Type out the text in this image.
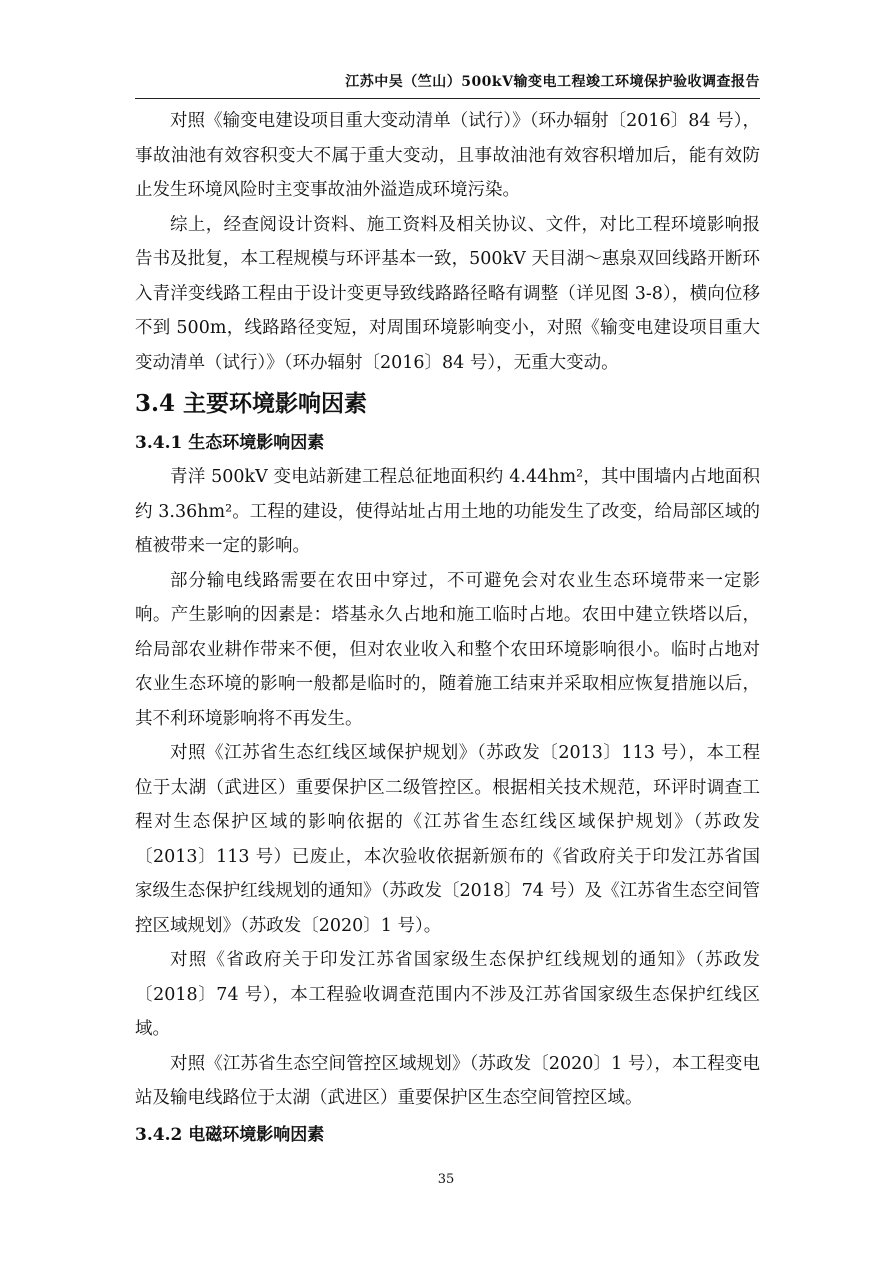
江苏中吴（竺山）500kV输变电工程竣工环境保护验收调查报告

对照《输变电建设项目重大变动清单（试行）》（环办辐射〔2016〕84 号），事故油池有效容积变大不属于重大变动，且事故油池有效容积增加后，能有效防止发生环境风险时主变事故油外溢造成环境污染。

综上，经查阅设计资料、施工资料及相关协议、文件，对比工程环境影响报告书及批复，本工程规模与环评基本一致，500kV 天目湖～惠泉双回线路开断环入青洋变线路工程由于设计变更导致线路路径略有调整（详见图 3-8），横向位移不到 500m，线路路径变短，对周围环境影响变小，对照《输变电建设项目重大变动清单（试行）》（环办辐射〔2016〕84 号），无重大变动。

3.4 主要环境影响因素
3.4.1 生态环境影响因素

青洋 500kV 变电站新建工程总征地面积约 4.44hm²，其中围墙内占地面积约 3.36hm²。工程的建设，使得站址占用土地的功能发生了改变，给局部区域的植被带来一定的影响。

部分输电线路需要在农田中穿过，不可避免会对农业生态环境带来一定影响。产生影响的因素是：塔基永久占地和施工临时占地。农田中建立铁塔以后，给局部农业耕作带来不便，但对农业收入和整个农田环境影响很小。临时占地对农业生态环境的影响一般都是临时的，随着施工结束并采取相应恢复措施以后，其不利环境影响将不再发生。

对照《江苏省生态红线区域保护规划》（苏政发〔2013〕113 号），本工程位于太湖（武进区）重要保护区二级管控区。根据相关技术规范，环评时调查工程对生态保护区域的影响依据的《江苏省生态红线区域保护规划》（苏政发〔2013〕113 号）已废止，本次验收依据新颁布的《省政府关于印发江苏省国家级生态保护红线规划的通知》（苏政发〔2018〕74 号）及《江苏省生态空间管控区域规划》（苏政发〔2020〕1 号）。

对照《省政府关于印发江苏省国家级生态保护红线规划的通知》（苏政发〔2018〕74 号），本工程验收调查范围内不涉及江苏省国家级生态保护红线区域。

对照《江苏省生态空间管控区域规划》（苏政发〔2020〕1 号），本工程变电站及输电线路位于太湖（武进区）重要保护区生态空间管控区域。

3.4.2 电磁环境影响因素
35
